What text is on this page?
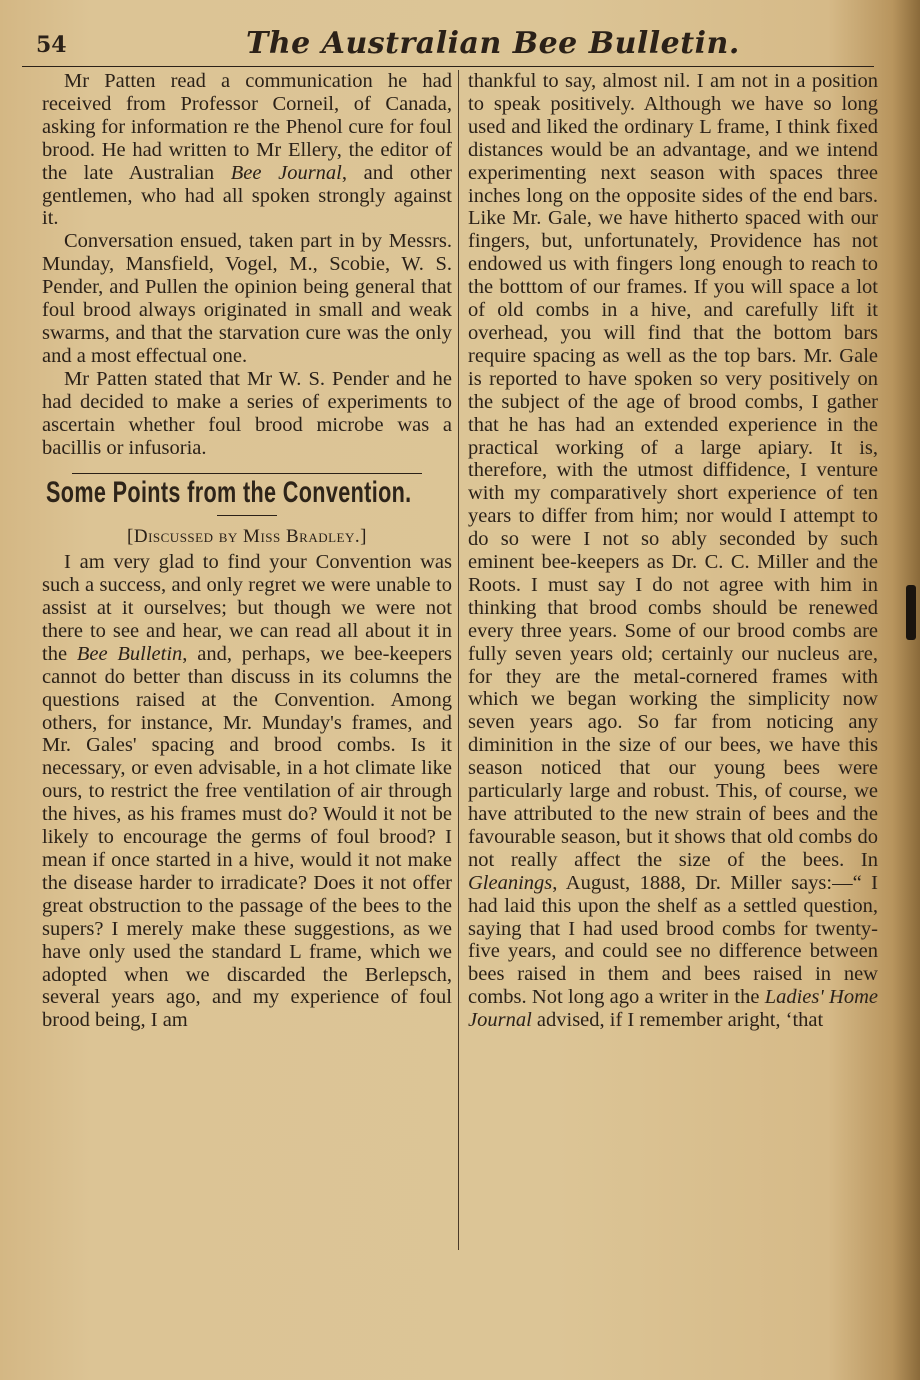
54	The Australian Bee Bulletin.

Mr Patten read a communication he had received from Professor Corneil, of Canada, asking for information re the Phenol cure for foul brood. He had written to Mr Ellery, the editor of the late Australian Bee Journal, and other gentlemen, who had all spoken strongly against it.

Conversation ensued, taken part in by Messrs. Munday, Mansfield, Vogel, M., Scobie, W. S. Pender, and Pullen the opinion being general that foul brood always originated in small and weak swarms, and that the starvation cure was the only and a most effectual one.

Mr Patten stated that Mr W. S. Pender and he had decided to make a series of experiments to ascertain whether foul brood microbe was a bacillis or infusoria.

Some Points from the Convention.
[Discussed by Miss Bradley.]

I am very glad to find your Convention was such a success, and only regret we were unable to assist at it ourselves; but though we were not there to see and hear, we can read all about it in the Bee Bulletin, and, perhaps, we bee-keepers cannot do better than discuss in its columns the questions raised at the Convention. Among others, for instance, Mr. Munday's frames, and Mr. Gales' spacing and brood combs. Is it necessary, or even advisable, in a hot climate like ours, to restrict the free ventilation of air through the hives, as his frames must do? Would it not be likely to encourage the germs of foul brood? I mean if once started in a hive, would it not make the disease harder to irradicate? Does it not offer great obstruction to the passage of the bees to the supers? I merely make these suggestions, as we have only used the standard L frame, which we adopted when we discarded the Berlepsch, several years ago, and my experience of foul brood being, I am

thankful to say, almost nil. I am not in a position to speak positively. Although we have so long used and liked the ordinary L frame, I think fixed distances would be an advantage, and we intend experimenting next season with spaces three inches long on the opposite sides of the end bars. Like Mr. Gale, we have hitherto spaced with our fingers, but, unfortunately, Providence has not endowed us with fingers long enough to reach to the botttom of our frames. If you will space a lot of old combs in a hive, and carefully lift it overhead, you will find that the bottom bars require spacing as well as the top bars. Mr. Gale is reported to have spoken so very positively on the subject of the age of brood combs, I gather that he has had an extended experience in the practical working of a large apiary. It is, therefore, with the utmost diffidence, I venture with my comparatively short experience of ten years to differ from him; nor would I attempt to do so were I not so ably seconded by such eminent bee-keepers as Dr. C. C. Miller and the Roots. I must say I do not agree with him in thinking that brood combs should be renewed every three years. Some of our brood combs are fully seven years old; certainly our nucleus are, for they are the metal-cornered frames with which we began working the simplicity now seven years ago. So far from noticing any diminition in the size of our bees, we have this season noticed that our young bees were particularly large and robust. This, of course, we have attributed to the new strain of bees and the favourable season, but it shows that old combs do not really affect the size of the bees. In Gleanings, August, 1888, Dr. Miller says:—“ I had laid this upon the shelf as a settled question, saying that I had used brood combs for twenty-five years, and could see no difference between bees raised in them and bees raised in new combs. Not long ago a writer in the Ladies' Home Journal advised, if I remember aright, ‘that
